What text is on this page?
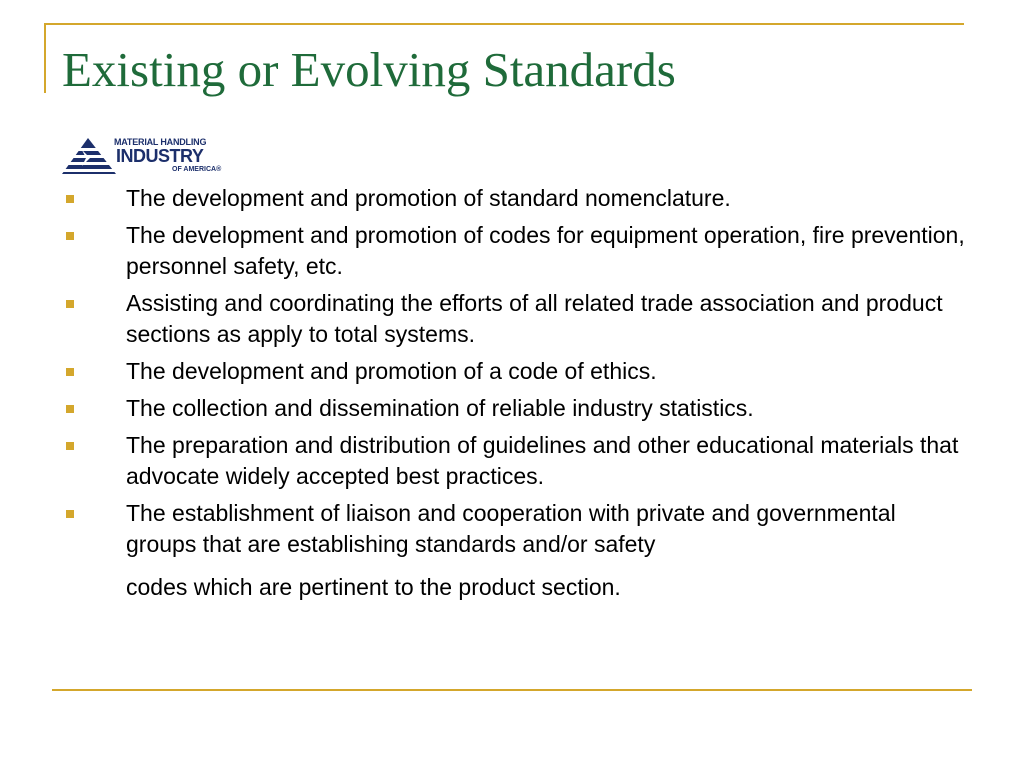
Existing or Evolving Standards
MATERIAL HANDLING
INDUSTRY
OF AMERICA®
The development and promotion of standard nomenclature.
The development and promotion of codes for equipment operation, fire prevention, personnel safety, etc.
Assisting and coordinating the efforts of all related trade association and product sections as apply to total systems.
The development and promotion of a code of ethics.
The collection and dissemination of reliable industry statistics.
The preparation and distribution of guidelines and other educational materials that advocate widely accepted best practices.
The establishment of liaison and cooperation with private and governmental groups that are establishing standards and/or safety
codes which are pertinent to the product section.
